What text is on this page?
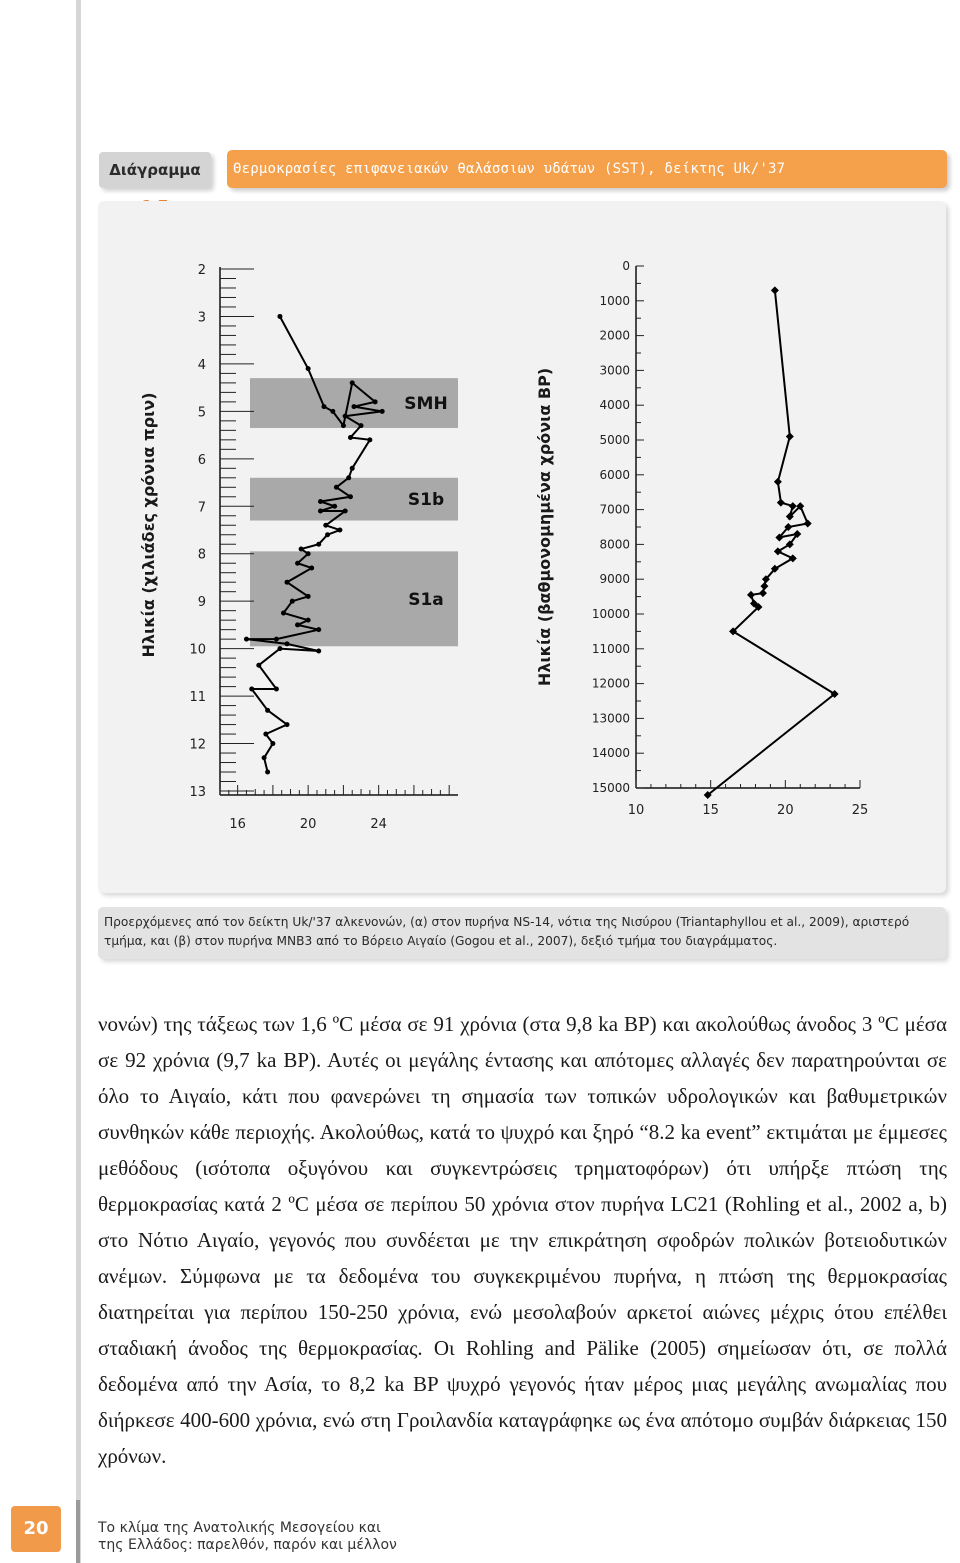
Διάγραμμα	Θερμοκρασίες επιφανειακών θαλάσσιων υδάτων (SST), δείκτης Uk/'37
SMH
S1b
S1a
2
3
4
5
6
7
8
9
10
11
12
13
16	20	24
Ηλικία (χιλιάδες χρόνια πριν)
0
1000
2000
3000
4000
5000
6000
7000
8000
9000
10000
11000
12000
13000
14000
15000
10	15	20	25
Ηλικία (βαθμονομημένα χρόνια BP)
Προερχόμενες από τον δείκτη Uk/'37 αλκενονών, (α) στον πυρήνα NS-14, νότια της Νισύρου (Triantaphyllou et al., 2009), αριστερό τμήμα, και (β) στον πυρήνα MNB3 από το Βόρειο Αιγαίο (Gogou et al., 2007), δεξιό τμήμα του διαγράμματος.
νονών) της τάξεως των 1,6 ºC μέσα σε 91 χρόνια (στα 9,8 ka BP) και ακολούθως άνοδος 3 ºC μέσα σε 92 χρόνια (9,7 ka BP). Αυτές οι μεγάλης έντασης και απότομες αλλαγές δεν παρατηρούνται σε όλο το Αιγαίο, κάτι που φανερώνει τη σημασία των τοπικών υδρολογικών και βαθυμετρικών συνθηκών κάθε περιοχής. Ακολούθως, κατά το ψυχρό και ξηρό “8.2 ka event” εκτιμάται με έμμεσες μεθόδους (ισότοπα οξυγόνου και συγκεντρώσεις τρηματοφόρων) ότι υπήρξε πτώση της θερμοκρασίας κατά 2 ºC μέσα σε περίπου 50 χρόνια στον πυρήνα LC21 (Rohling et al., 2002 a, b) στο Νότιο Αιγαίο, γεγονός που συνδέεται με την επικράτηση σφοδρών πολικών βοτειοδυτικών ανέμων. Σύμφωνα με τα δεδομένα του συγκεκριμένου πυρήνα, η πτώση της θερμοκρασίας διατηρείται για περίπου 150-250 χρόνια, ενώ μεσολαβούν αρκετοί αιώνες μέχρις ότου επέλθει σταδιακή άνοδος της θερμοκρασίας. Οι Rohling and Pälike (2005) σημείωσαν ότι, σε πολλά δεδομένα από την Ασία, το 8,2 ka BP ψυχρό γεγονός ήταν μέρος μιας μεγάλης ανωμαλίας που διήρκεσε 400-600 χρόνια, ενώ στη Γροιλανδία καταγράφηκε ως ένα απότομο συμβάν διάρκειας 150 χρόνων.
20	Το κλίμα της Ανατολικής Μεσογείου και
της Ελλάδος: παρελθόν, παρόν και μέλλον
